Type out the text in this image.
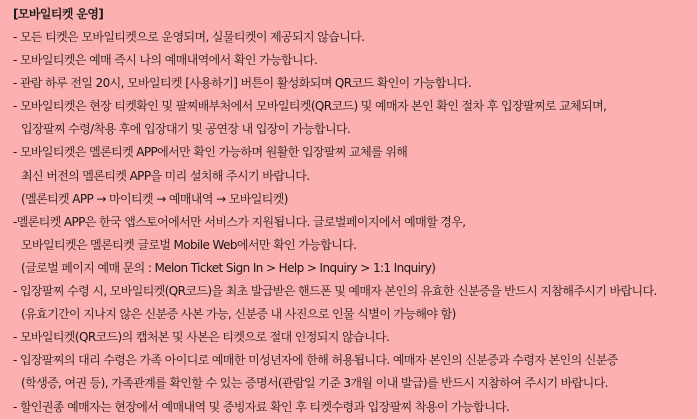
[모바일티켓 운영]

- 모든 티켓은 모바일티켓으로 운영되며, 실물티켓이 제공되지 않습니다.
- 모바일티켓은 예매 즉시 나의 예매내역에서 확인 가능합니다.
- 관람 하루 전일 20시, 모바일티켓 [사용하기] 버튼이 활성화되며 QR코드 확인이 가능합니다.
- 모바일티켓은 현장 티켓확인 및 팔찌배부처에서 모바일티켓(QR코드) 및 예매자 본인 확인 절차 후 입장팔찌로 교체되며,
입장팔찌 수령/착용 후에 입장대기 및 공연장 내 입장이 가능합니다.
- 모바일티켓은 멜론티켓 APP에서만 확인 가능하며 원활한 입장팔찌 교체를 위해
최신 버전의 멜론티켓 APP을 미리 설치해 주시기 바랍니다.
(멜론티켓 APP → 마이티켓 → 예매내역 → 모바일티켓)
-멜론티켓 APP은 한국 앱스토어에서만 서비스가 지원됩니다. 글로벌페이지에서 예매할 경우,
모바일티켓은 멜론티켓 글로벌 Mobile Web에서만 확인 가능합니다.
(글로벌 페이지 예매 문의 : Melon Ticket Sign In > Help > Inquiry > 1:1 Inquiry)
- 입장팔찌 수령 시, 모바일티켓(QR코드)을 최초 발급받은 핸드폰 및 예매자 본인의 유효한 신분증을 반드시 지참해주시기 바랍니다.
(유효기간이 지나지 않은 신분증 사본 가능, 신분증 내 사진으로 인물 식별이 가능해야 함)
- 모바일티켓(QR코드)의 캡처본 및 사본은 티켓으로 절대 인정되지 않습니다.
- 입장팔찌의 대리 수령은 가족 아이디로 예매한 미성년자에 한해 허용됩니다. 예매자 본인의 신분증과 수령자 본인의 신분증
(학생증, 여권 등), 가족관계를 확인할 수 있는 증명서(관람일 기준 3개월 이내 발급)를 반드시 지참하여 주시기 바랍니다.
- 할인권종 예매자는 현장에서 예매내역 및 증빙자료 확인 후 티켓수령과 입장팔찌 착용이 가능합니다.
